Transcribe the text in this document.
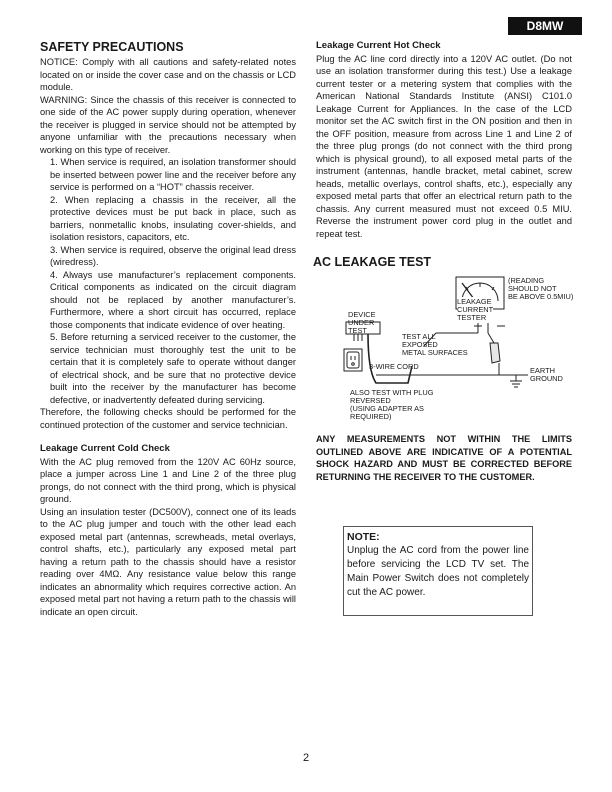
D8MW
SAFETY PRECAUTIONS

NOTICE: Comply with all cautions and safety-related notes located on or inside the cover case and on the chassis or LCD module.

WARNING: Since the chassis of this receiver is connected to one side of the AC power supply during operation, whenever the receiver is plugged in service should not be attempted by anyone unfamiliar with the precautions necessary when working on this type of receiver.

1. When service is required, an isolation transformer should be inserted between power line and the receiver before any service is performed on a “HOT” chassis receiver.

2. When replacing a chassis in the receiver, all the protective devices must be put back in place, such as barriers, nonmetallic knobs, insulating cover-shields, and isolation resistors, capacitors, etc.

3. When service is required, observe the original lead dress (wiredress).

4. Always use manufacturer’s replacement components. Critical components as indicated on the circuit diagram should not be replaced by another manufacturer’s. Furthermore, where a short circuit has occurred, replace those components that indicate evidence of over heating.

5. Before returning a serviced receiver to the customer, the service technician must thoroughly test the unit to be certain that it is completely safe to operate without danger of electrical shock, and be sure that no protective device built into the receiver by the manufacturer has become defective, or inadvertently defeated during servicing.

Therefore, the following checks should be performed for the continued protection of the customer and service technician.

Leakage Current Cold Check

With the AC plug removed from the 120V AC 60Hz source, place a jumper across Line 1 and Line 2 of the three plug prongs, do not connect with the third prong, which is physical ground.

Using an insulation tester (DC500V), connect one of its leads to the AC plug jumper and touch with the other lead each exposed metal part (antennas, screwheads, metal overlays, control shafts, etc.), particularly any exposed metal part having a return path to the chassis should have a resistor reading over 4MΩ. Any resistance value below this range indicates an abnormality which requires corrective action. An exposed metal part not having a return path to the chassis will indicate an open circuit.

Leakage Current Hot Check

Plug the AC line cord directly into a 120V AC outlet. (Do not use an isolation transformer during this test.) Use a leakage current tester or a metering system that complies with the American National Standards Institute (ANSI) C101.0 Leakage Current for Appliances. In the case of the LCD monitor set the AC switch first in the ON position and then in the OFF position, measure from across Line 1 and Line 2 of the three plug prongs (do not connect with the third prong which is physical ground), to all exposed metal parts of the instrument (antennas, handle bracket, metal cabinet, screw heads, metallic overlays, control shafts, etc.), especially any exposed metal parts that offer an electrical return path to the chassis. Any current measured must not exceed 0.5 MIU. Reverse the instrument power cord plug in the outlet and repeat test.

AC LEAKAGE TEST
(READING
SHOULD NOT
BE ABOVE 0.5MIU)
LEAKAGE
CURRENT
TESTER
DEVICE
UNDER
TEST
TEST ALL
EXPOSED
METAL SURFACES
3-WIRE CORD	EARTH
GROUND
ALSO TEST WITH PLUG
REVERSED
(USING ADAPTER AS
REQUIRED)

ANY MEASUREMENTS NOT WITHIN THE LIMITS OUTLINED ABOVE ARE INDICATIVE OF A POTENTIAL SHOCK HAZARD AND MUST BE CORRECTED BEFORE RETURNING THE RECEIVER TO THE CUSTOMER.

NOTE:

Unplug the AC cord from the power line before servicing the LCD TV set. The Main Power Switch does not completely cut the AC power.

2
